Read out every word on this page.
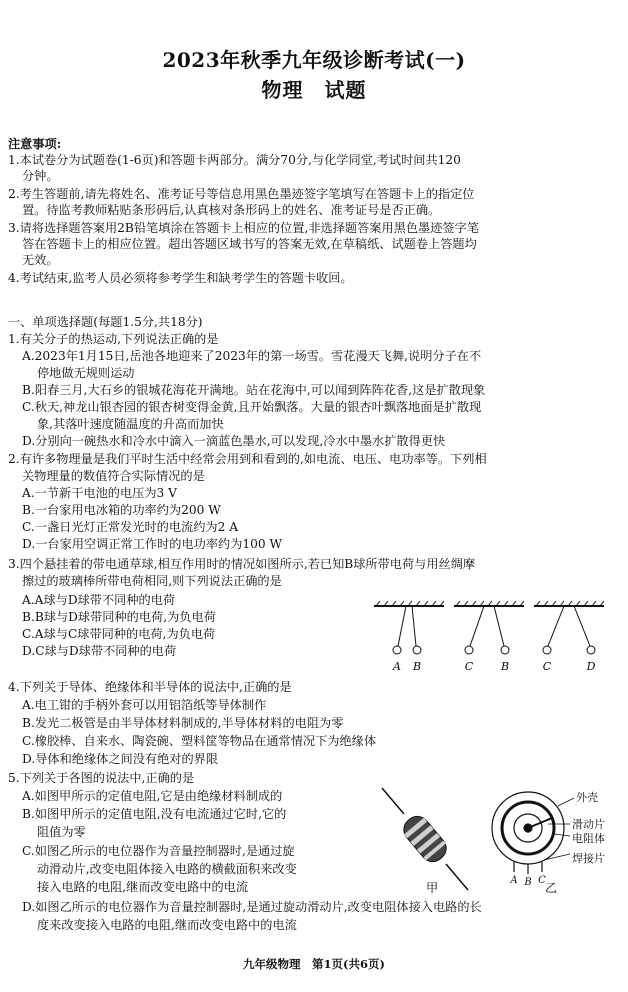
2023年秋季九年级诊断考试(一)
物理　试题
注意事项:
1.本试卷分为试题卷(1-6页)和答题卡两部分。满分70分,与化学同堂,考试时间共120
分钟。
2.考生答题前,请先将姓名、准考证号等信息用黑色墨迹签字笔填写在答题卡上的指定位
置。待监考教师粘贴条形码后,认真核对条形码上的姓名、准考证号是否正确。
3.请将选择题答案用2B铅笔填涂在答题卡上相应的位置,非选择题答案用黑色墨迹签字笔
答在答题卡上的相应位置。超出答题区域书写的答案无效,在草稿纸、试题卷上答题均
无效。
4.考试结束,监考人员必须将参考学生和缺考学生的答题卡收回。
一、单项选择题(每题1.5分,共18分)
1.有关分子的热运动,下列说法正确的是
A.2023年1月15日,岳池各地迎来了2023年的第一场雪。雪花漫天飞舞,说明分子在不
停地做无规则运动
B.阳春三月,大石乡的银城花海花开满地。站在花海中,可以闻到阵阵花香,这是扩散现象
C.秋天,神龙山银杏园的银杏树变得金黄,且开始飘落。大量的银杏叶飘落地面是扩散现
象,其落叶速度随温度的升高而加快
D.分别向一碗热水和冷水中滴入一滴蓝色墨水,可以发现,冷水中墨水扩散得更快
2.有许多物理量是我们平时生活中经常会用到和看到的,如电流、电压、电功率等。下列相
关物理量的数值符合实际情况的是
A.一节新干电池的电压为3 V
B.一台家用电冰箱的功率约为200 W
C.一盏日光灯正常发光时的电流约为2 A
D.一台家用空调正常工作时的电功率约为100 W
3.四个悬挂着的带电通草球,相互作用时的情况如图所示,若已知B球所带电荷与用丝绸摩
擦过的玻璃棒所带电荷相同,则下列说法正确的是
A.A球与D球带不同种的电荷
B.B球与D球带同种的电荷,为负电荷
C.A球与C球带同种的电荷,为负电荷
D.C球与D球带不同种的电荷
A B	C	B	C	D
4.下列关于导体、绝缘体和半导体的说法中,正确的是
A.电工钳的手柄外套可以用铝箔纸等导体制作
B.发光二极管是由半导体材料制成的,半导体材料的电阻为零
C.橡胶棒、自来水、陶瓷碗、塑料筐等物品在通常情况下为绝缘体
D.导体和绝缘体之间没有绝对的界限
5.下列关于各图的说法中,正确的是
A.如图甲所示的定值电阻,它是由绝缘材料制成的
B.如图甲所示的定值电阻,没有电流通过它时,它的
阻值为零
C.如图乙所示的电位器作为音量控制器时,是通过旋
动滑动片,改变电阻体接入电路的横截面积来改变
接入电路的电阻,继而改变电路中的电流
D.如图乙所示的电位器作为音量控制器时,是通过旋动滑动片,改变电阻体接入电路的长
度来改变接入电路的电阻,继而改变电路中的电流
甲
A B C
外壳
滑动片
电阻体
焊接片
乙
九年级物理　第1页(共6页)
